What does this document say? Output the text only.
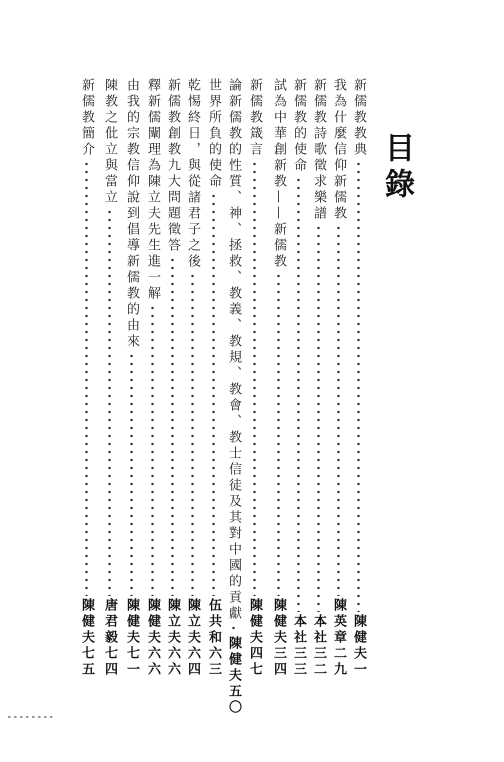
目錄
新儒教教典
陳健夫一
我為什麼信仰新儒教
陳英章二九
新儒教詩歌徵求樂譜
本社三二
新儒教的使命
本社三三
試為中華創新教——新儒教
陳健夫三四
新儒教箴言
陳健夫四七
論新儒教的性質、神、拯救、教義、教規、教會、教士信徒及其對中國的貢獻
陳健夫五〇
世界所負的使命
伍共和六三
乾惕終日，與從諸君子之後
陳立夫六四
新儒教創教九大問題徵答
陳立夫六六
釋新儒闡理為陳立夫先生進一解
陳健夫六六
由我的宗教信仰說到倡導新儒教的由來
陳健夫七一
陳教之仳立與當立
唐君毅七四
新儒教簡介
陳健夫七五
